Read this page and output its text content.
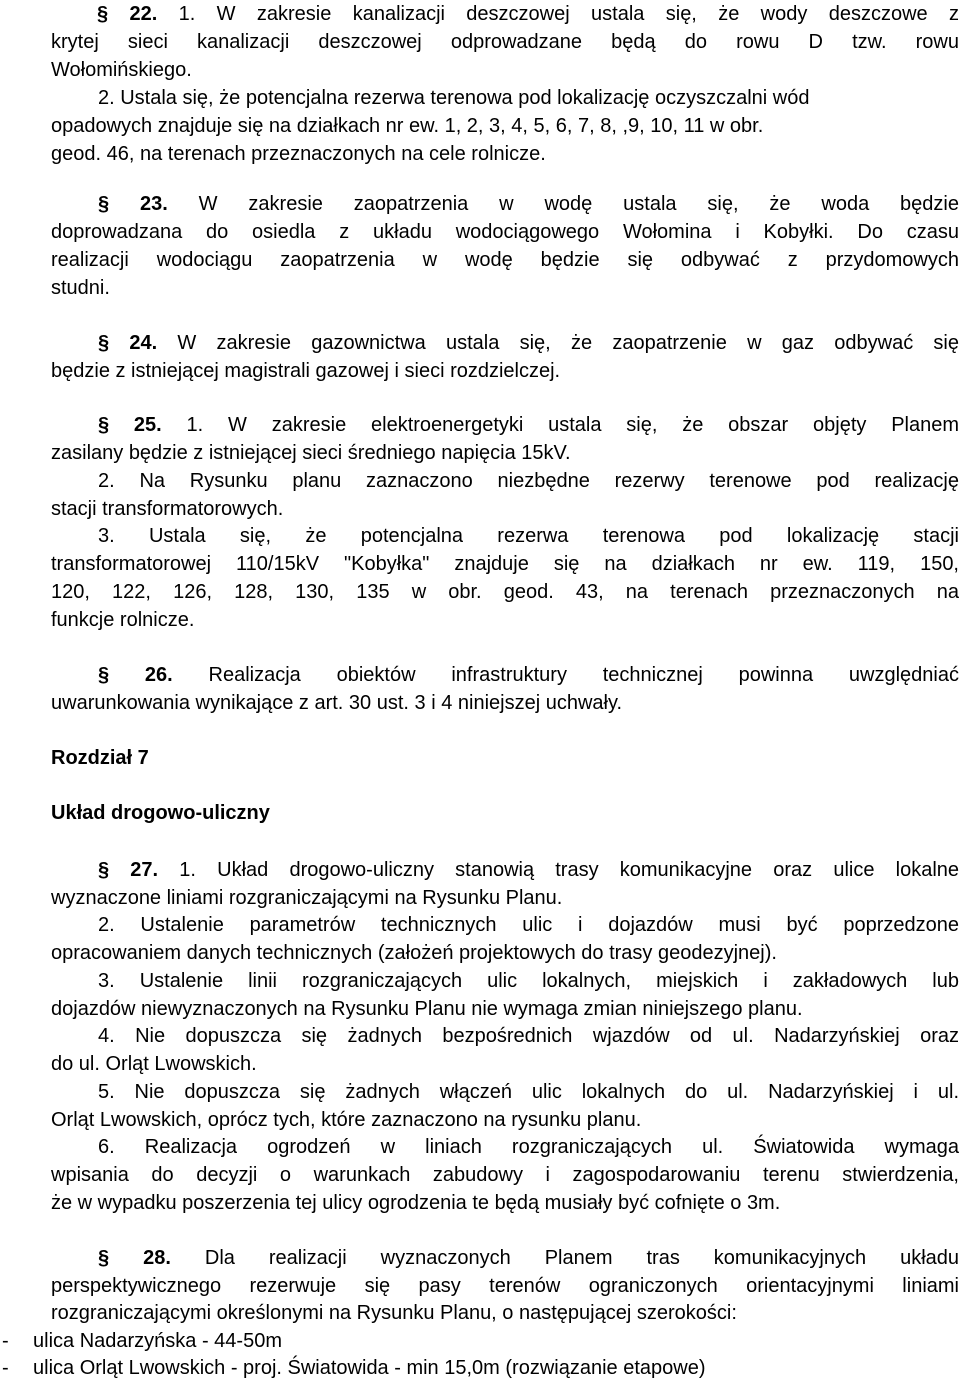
§ 22. 1. W zakresie kanalizacji deszczowej ustala się, że wody deszczowe z
krytej sieci kanalizacji deszczowej odprowadzane będą do rowu D tzw. rowu
Wołomińskiego.
2. Ustala się, że potencjalna rezerwa terenowa pod lokalizację oczyszczalni wód
opadowych znajduje się na działkach nr ew. 1, 2, 3, 4, 5, 6, 7, 8, ,9, 10, 11 w obr.
geod. 46, na terenach przeznaczonych na cele rolnicze.
§ 23. W zakresie zaopatrzenia w wodę ustala się, że woda będzie
doprowadzana do osiedla z układu wodociągowego Wołomina i Kobyłki. Do czasu
realizacji wodociągu zaopatrzenia w wodę będzie się odbywać z przydomowych
studni.
§ 24. W zakresie gazownictwa ustala się, że zaopatrzenie w gaz odbywać się
będzie z istniejącej magistrali gazowej i sieci rozdzielczej.
§ 25. 1. W zakresie elektroenergetyki ustala się, że obszar objęty Planem
zasilany będzie z istniejącej sieci średniego napięcia 15kV.
2. Na Rysunku planu zaznaczono niezbędne rezerwy terenowe pod realizację
stacji transformatorowych.
3. Ustala się, że potencjalna rezerwa terenowa pod lokalizację stacji
transformatorowej 110/15kV "Kobyłka" znajduje się na działkach nr ew. 119, 150,
120, 122, 126, 128, 130, 135 w obr. geod. 43, na terenach przeznaczonych na
funkcje rolnicze.
§ 26. Realizacja obiektów infrastruktury technicznej powinna uwzględniać
uwarunkowania wynikające z art. 30 ust. 3 i 4 niniejszej uchwały.
Rozdział 7
Układ drogowo-uliczny
§ 27. 1. Układ drogowo-uliczny stanowią trasy komunikacyjne oraz ulice lokalne
wyznaczone liniami rozgraniczającymi na Rysunku Planu.
2. Ustalenie parametrów technicznych ulic i dojazdów musi być poprzedzone
opracowaniem danych technicznych (założeń projektowych do trasy geodezyjnej).
3. Ustalenie linii rozgraniczających ulic lokalnych, miejskich i zakładowych lub
dojazdów niewyznaczonych na Rysunku Planu nie wymaga zmian niniejszego planu.
4. Nie dopuszcza się żadnych bezpośrednich wjazdów od ul. Nadarzyńskiej oraz
do ul. Orląt Lwowskich.
5. Nie dopuszcza się żadnych włączeń ulic lokalnych do ul. Nadarzyńskiej i ul.
Orląt Lwowskich, oprócz tych, które zaznaczono na rysunku planu.
6. Realizacja ogrodzeń w liniach rozgraniczających ul. Światowida wymaga
wpisania do decyzji o warunkach zabudowy i zagospodarowaniu terenu stwierdzenia,
że w wypadku poszerzenia tej ulicy ogrodzenia te będą musiały być cofnięte o 3m.
§ 28. Dla realizacji wyznaczonych Planem tras komunikacyjnych układu
perspektywicznego rezerwuje się pasy terenów ograniczonych orientacyjnymi liniami
rozgraniczającymi określonymi na Rysunku Planu, o następującej szerokości:
- ulica Nadarzyńska - 44-50m
- ulica Orląt Lwowskich - proj. Światowida - min 15,0m (rozwiązanie etapowe)
